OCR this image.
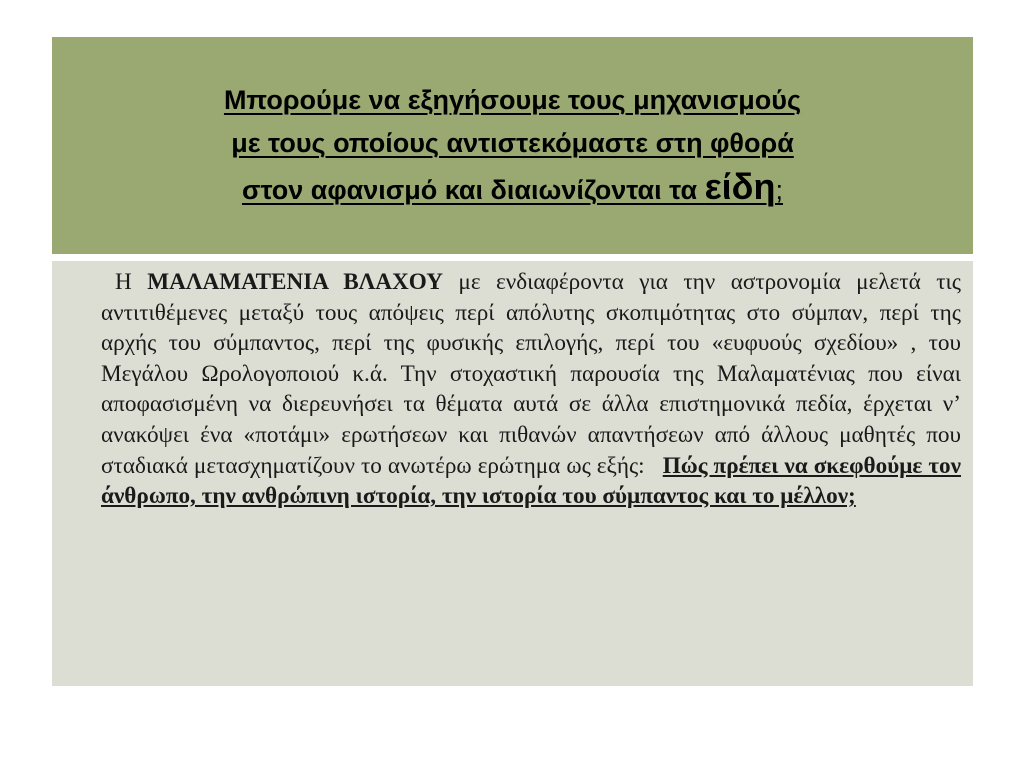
Μπορούμε να εξηγήσουμε τους μηχανισμούς
με τους οποίους αντιστεκόμαστε στη φθορά
στον αφανισμό και διαιωνίζονται τα είδη;

Η ΜΑΛΑΜΑΤΕΝΙΑ ΒΛΑΧΟΥ με ενδιαφέροντα για την αστρονομία μελετά τις αντιτιθέμενες μεταξύ τους απόψεις περί απόλυτης σκοπιμότητας στο σύμπαν, περί της αρχής του σύμπαντος, περί της φυσικής επιλογής, περί του «ευφυούς σχεδίου» , του Μεγάλου Ωρολογοποιού κ.ά. Την στοχαστική παρουσία της Μαλαματένιας που είναι αποφασισμένη να διερευνήσει τα θέματα αυτά σε άλλα επιστημονικά πεδία, έρχεται ν’ ανακόψει ένα «ποτάμι» ερωτήσεων και πιθανών απαντήσεων από άλλους μαθητές που σταδιακά μετασχηματίζουν το ανωτέρω ερώτημα ως εξής: Πώς πρέπει να σκεφθούμε τον άνθρωπο, την ανθρώπινη ιστορία, την ιστορία του σύμπαντος και το μέλλον;
